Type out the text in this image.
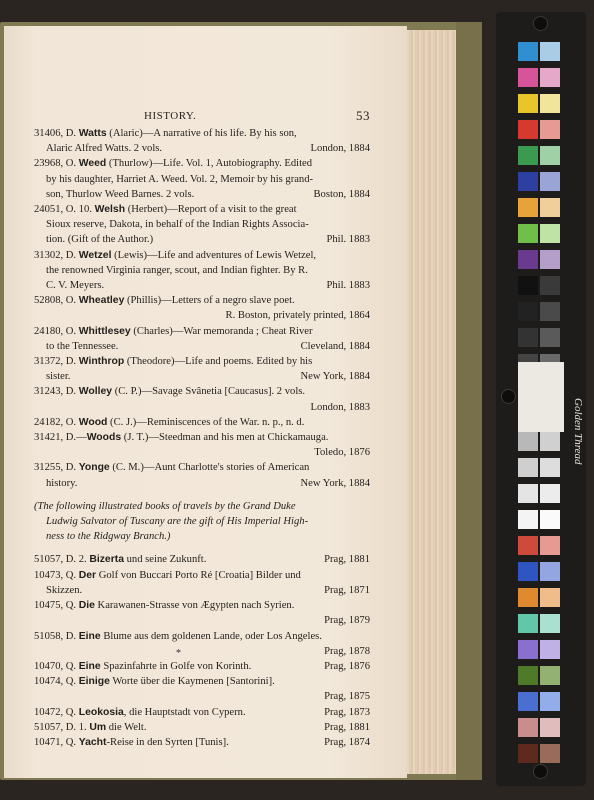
HISTORY.	53
31406, D. Watts (Alaric)—A narrative of his life. By his son,
Alaric Alfred Watts. 2 vols.	London, 1884
23968, O. Weed (Thurlow)—Life. Vol. 1, Autobiography. Edited
by his daughter, Harriet A. Weed. Vol. 2, Memoir by his grand-
son, Thurlow Weed Barnes. 2 vols.	Boston, 1884
24051, O. 10. Welsh (Herbert)—Report of a visit to the great
Sioux reserve, Dakota, in behalf of the Indian Rights Associa-
tion. (Gift of the Author.)	Phil. 1883
31302, D. Wetzel (Lewis)—Life and adventures of Lewis Wetzel,
the renowned Virginia ranger, scout, and Indian fighter. By R.
C. V. Meyers.	Phil. 1883
52808, O. Wheatley (Phillis)—Letters of a negro slave poet.
R. Boston, privately printed, 1864
24180, O. Whittlesey (Charles)—War memoranda ; Cheat River
to the Tennessee.	Cleveland, 1884
31372, D. Winthrop (Theodore)—Life and poems. Edited by his
sister.	New York, 1884
31243, D. Wolley (C. P.)—Savage Svânetia [Caucasus]. 2 vols.
London, 1883
24182, O. Wood (C. J.)—Reminiscences of the War. n. p., n. d.
31421, D.—Woods (J. T.)—Steedman and his men at Chickamauga.
Toledo, 1876
31255, D. Yonge (C. M.)—Aunt Charlotte's stories of American
history.	New York, 1884
(The following illustrated books of travels by the Grand Duke
Ludwig Salvator of Tuscany are the gift of His Imperial High-
ness to the Ridgway Branch.)
51057, D. 2. Bizerta und seine Zukunft.	Prag, 1881
10473, Q. Der Golf von Buccari Porto Ré [Croatia] Bilder und
Skizzen.	Prag, 1871
10475, Q. Die Karawanen-Strasse von Ægypten nach Syrien.
Prag, 1879
51058, D. Eine Blume aus dem goldenen Lande, oder Los Angeles.
Prag, 1878
10470, Q. Eine Spazinfahrte in Golfe von Korinth.	Prag, 1876
10474, Q. Einige Worte über die Kaymenen [Santorini].
Prag, 1875
10472, Q. Leokosia, die Hauptstadt von Cypern.	Prag, 1873
51057, D. 1. Um die Welt.	Prag, 1881
10471, Q. Yacht-Reise in den Syrten [Tunis].	Prag, 1874
*
Golden Thread
